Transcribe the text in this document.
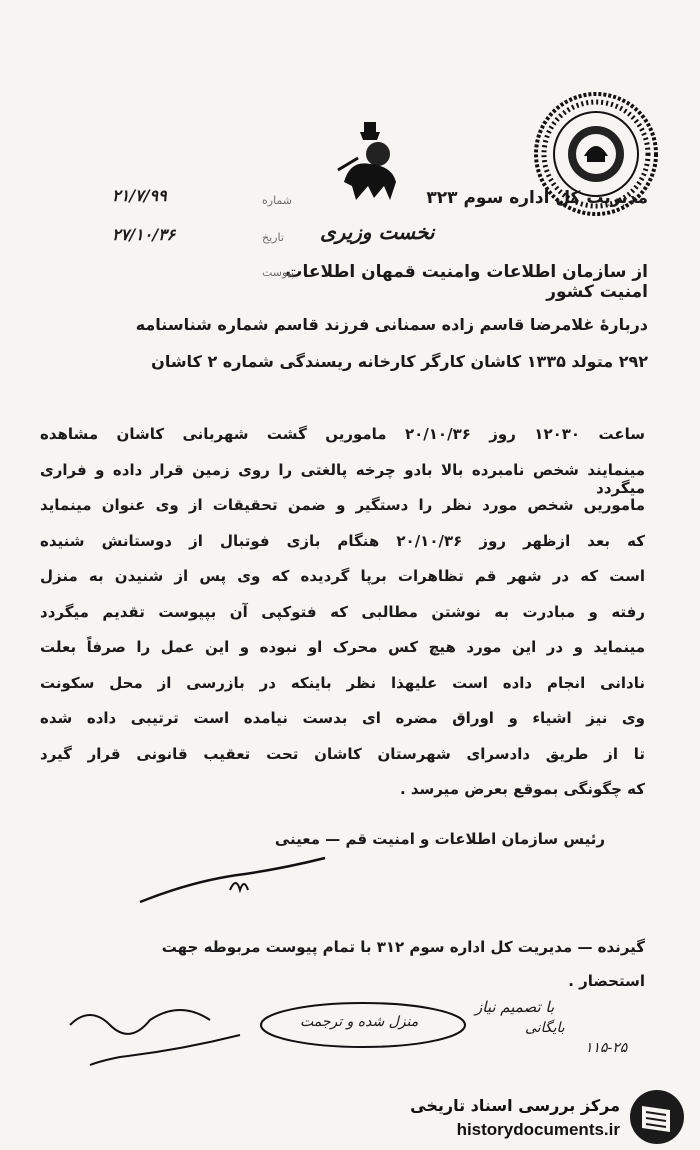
نخست وزیری
مدیریت کل اداره سوم ۳۲۳
از سازمان اطلاعات وامنیت قمهان اطلاعات امنیت کشور
شماره
۲۱/۷/۹۹
تاریخ
۲۷/۱۰/۳۶
پیوست
دربارهٔ غلامرضا قاسم زاده سمنانی فرزند قاسم شماره شناسنامه
۲۹۲ متولد ۱۳۳۵ کاشان کارگر کارخانه ریسندگی شماره ۲ کاشان
ساعت ۱۲۰۳۰ روز ۲۰/۱۰/۳۶ ماموریں گشت شهربانی کاشان مشاهده
مینمایند شخص نامبرده بالا بادو چرخه پالغتی را روی زمین قرار داده و فراری میگردد
ماموریں شخص مورد نظر را دستگیر و ضمن تحقیقات از وی عنوان مینماید
که بعد ازظهر روز ۲۰/۱۰/۳۶ هنگام بازی فوتبال از دوستانش شنیده
است که در شهر قم تظاهرات برپا گردیده که وی پس از شنیدن به منزل
رفته و مبادرت به نوشتن مطالبی که فتوکپی آن بپیوست تقدیم میگردد
مینماید و در این مورد هیچ کس محرک او نبوده و این عمل را صرفاً بعلت
نادانی انجام داده است علیهذا نظر باینکه در بازرسی از محل سکونت
وی نیز اشیاء و اوراق مضره ای بدست نیامده است ترتیبی داده شده
تا از طریق دادسرای شهرستان کاشان تحت تعقیب قانونی قرار گیرد
که چگونگی بموقع بعرض میرسد .
رئیس سازمان اطلاعات و امنیت قم — معینی
گیرنده — مدیریت کل اداره سوم ۳۱۲ با تمام پیوست مربوطه جهت
استحضار .
منزل شده و ترجمت
با تصمیم نیاز
بایگانی
۱۱۵-۲۵
مرکز بررسی اسناد تاریخی
historydocuments.ir
